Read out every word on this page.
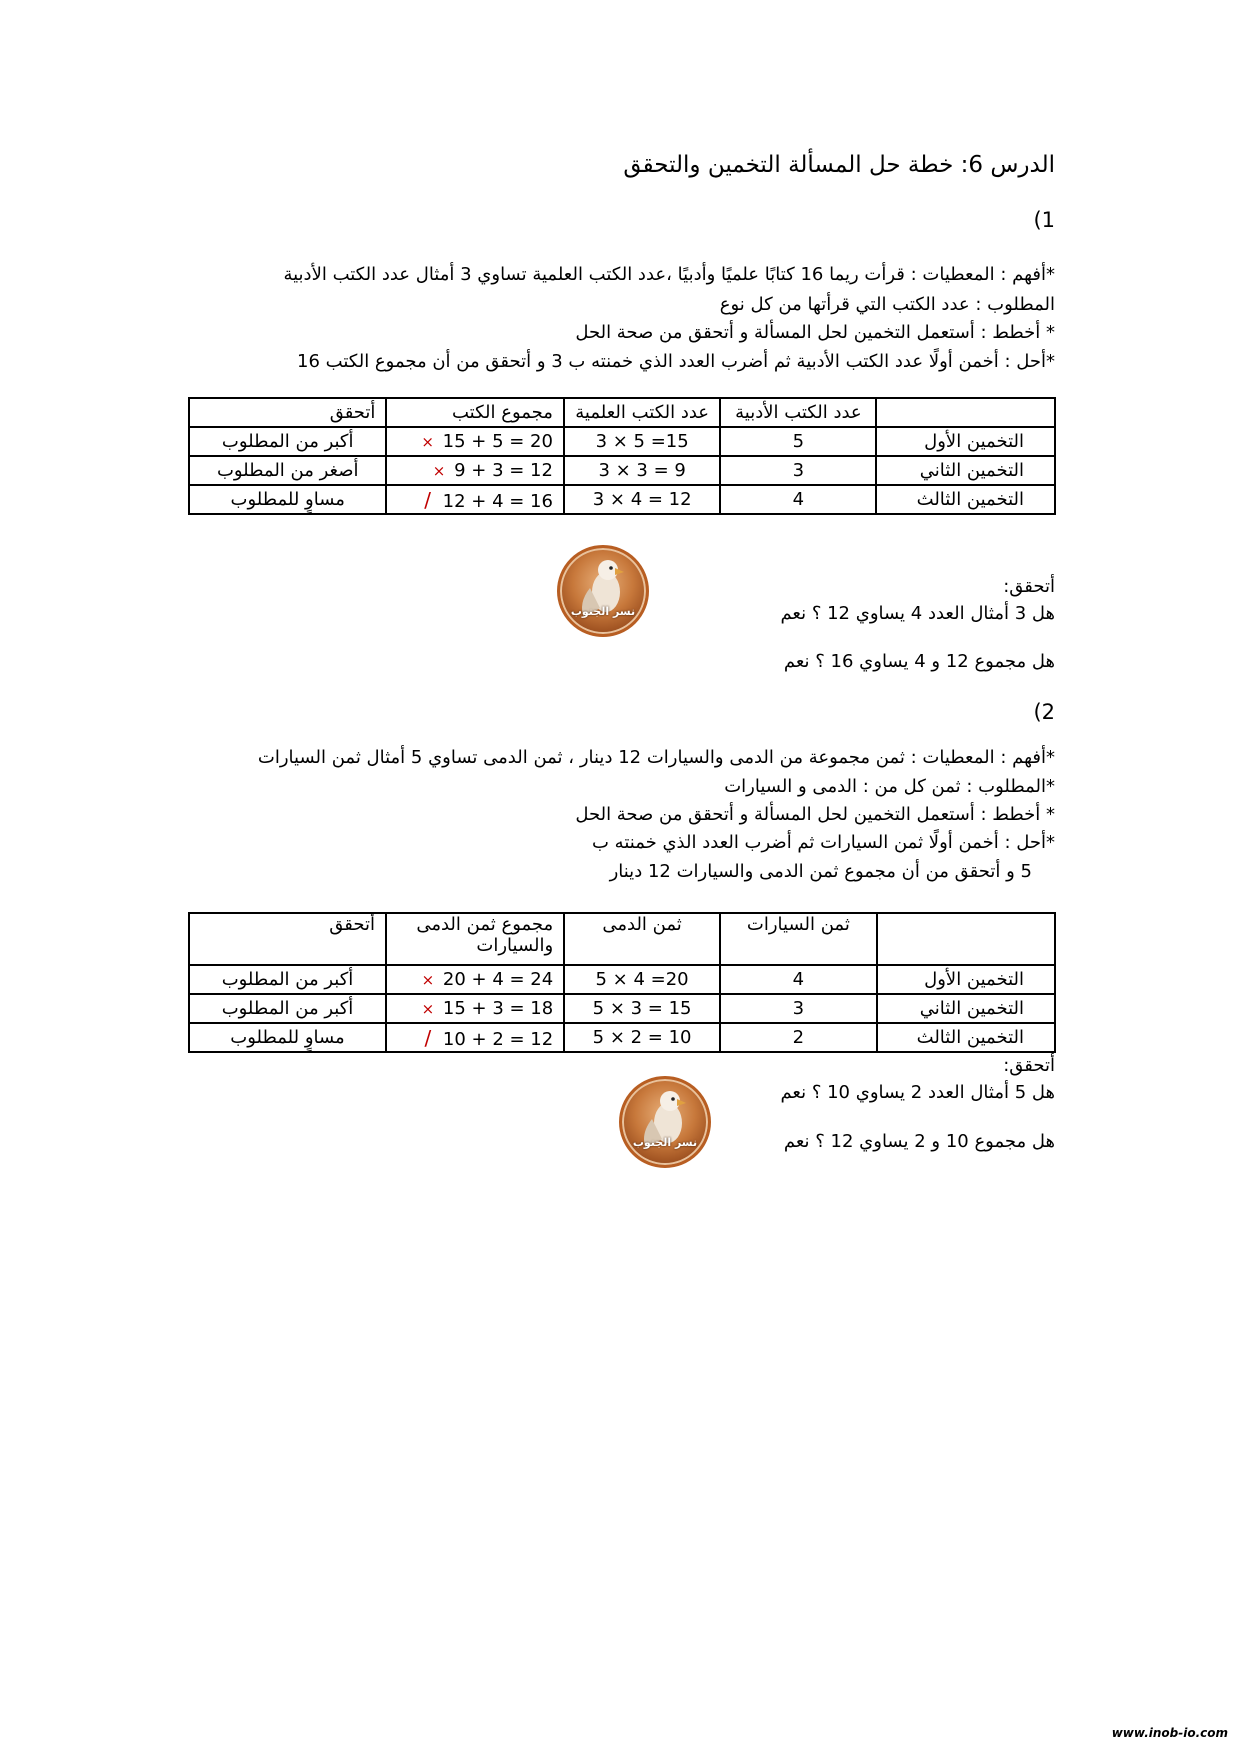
الدرس 6: خطة حل المسألة التخمين والتحقق
(1
*أفهم : المعطيات : قرأت ريما 16 كتابًا علميًا وأدبيًا ،عدد الكتب العلمية تساوي 3 أمثال عدد الكتب الأدبية
المطلوب : عدد الكتب التي قرأتها من كل نوع
* أخطط : أستعمل التخمين لحل المسألة و أتحقق من صحة الحل
*أحل : أخمن أولًا عدد الكتب الأدبية ثم أضرب العدد الذي خمنته ب 3 و أتحقق من أن مجموع الكتب 16
	عدد الكتب الأدبية	عدد الكتب العلمية	مجموع الكتب	أتحقق
التخمين الأول	5	3 × 5 =15	15 + 5 = 20×	أكبر من المطلوب
التخمين الثاني	3	3 × 3 = 9	9 + 3 = 12×	أصغر من المطلوب
التخمين الثالث	4	3 × 4 = 12	12 + 4 = 16/	مساوٍ للمطلوب
نسر الجنوب
أتحقق:
هل 3 أمثال العدد 4 يساوي 12 ؟ نعم
هل مجموع 12 و 4 يساوي 16 ؟ نعم
(2
*أفهم : المعطيات : ثمن مجموعة من الدمى والسيارات 12 دينار ، ثمن الدمى تساوي 5 أمثال ثمن السيارات
*المطلوب : ثمن كل من : الدمى و السيارات
* أخطط : أستعمل التخمين لحل المسألة و أتحقق من صحة الحل
*أحل : أخمن أولًا ثمن السيارات ثم أضرب العدد الذي خمنته ب
5 و أتحقق من أن مجموع ثمن الدمى والسيارات 12 دينار
	ثمن السيارات	ثمن الدمى	مجموع ثمن الدمى والسيارات	أتحقق
التخمين الأول	4	5 × 4 =20	20 + 4 = 24×	أكبر من المطلوب
التخمين الثاني	3	5 × 3 = 15	15 + 3 = 18×	أكبر من المطلوب
التخمين الثالث	2	5 × 2 = 10	10 + 2 = 12/	مساوٍ للمطلوب
أتحقق:
هل 5 أمثال العدد 2 يساوي 10 ؟ نعم
هل مجموع 10 و 2 يساوي 12 ؟ نعم
نسر الجنوب
www.inob-io.com
